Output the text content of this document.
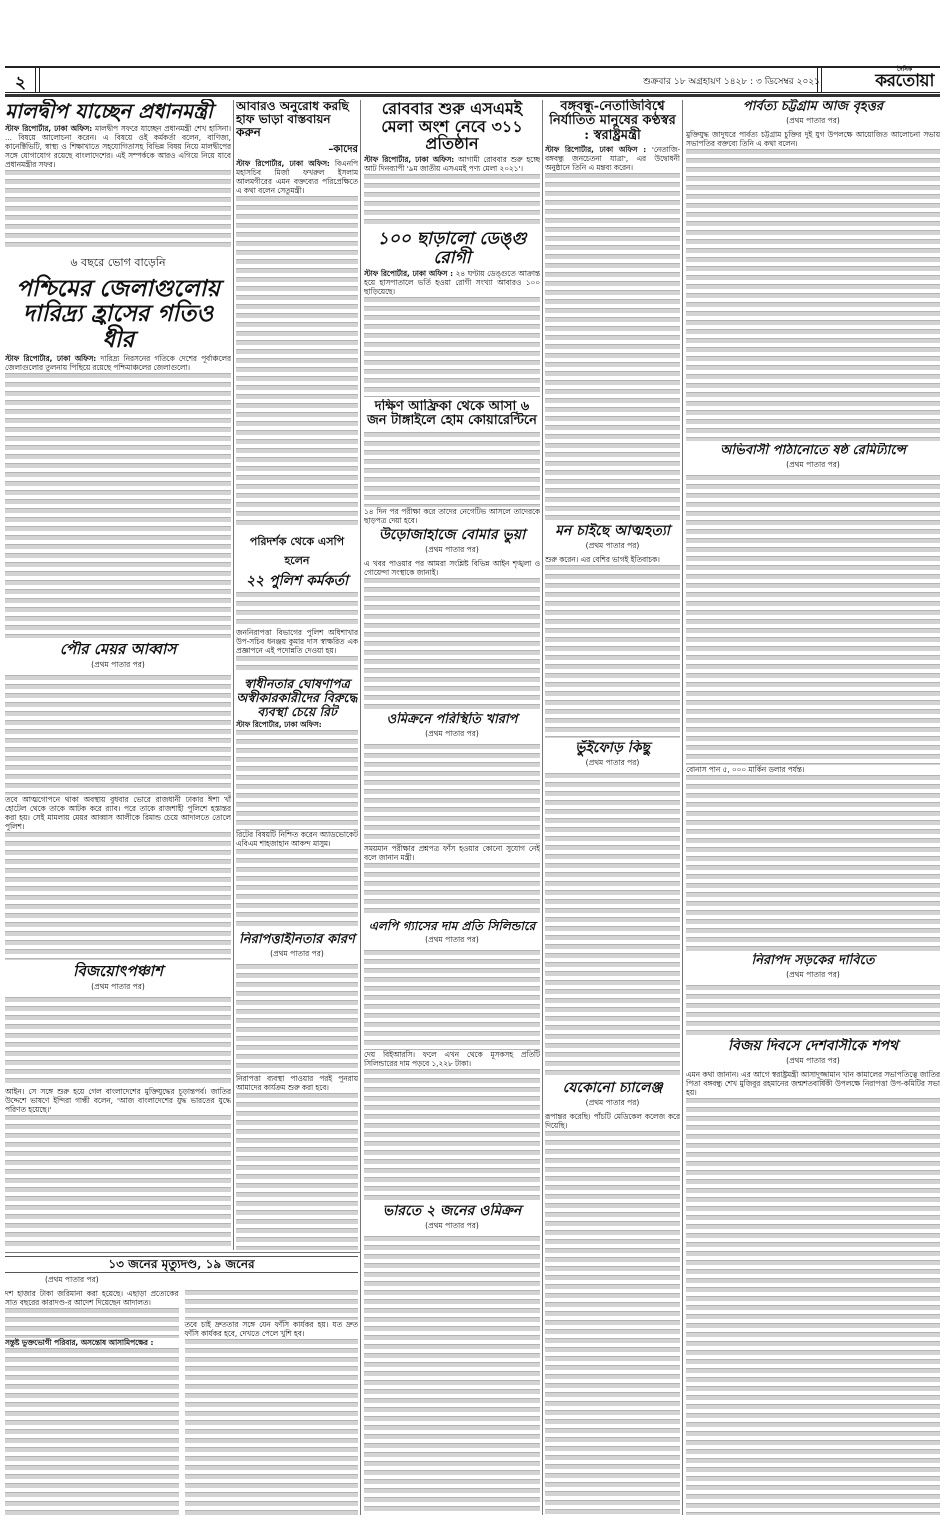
২	শুক্রবার ১৮ অগ্রহায়ণ ১৪২৮ : ৩ ডিসেম্বর ২০২১
দৈনিক
করতোয়া
মালদ্বীপ যাচ্ছেন প্রধানমন্ত্রী
স্টাফ রিপোর্টার, ঢাকা অফিস: মালদ্বীপ সফরে যাচ্ছেন প্রধানমন্ত্রী শেখ হাসিনা। ... বিষয়ে আলোচনা করেন। এ বিষয়ে ওই কর্মকর্তা বলেন, বাণিজ্য, কানেক্টিভিটি, স্বাস্থ্য ও শিক্ষাখাতে সহযোগিতাসহ বিভিন্ন বিষয় নিয়ে মালদ্বীপের সঙ্গে যোগাযোগ রয়েছে বাংলাদেশের। এই সম্পর্ককে আরও এগিয়ে নিয়ে যাবে প্রধানমন্ত্রীর সফর।
৬ বছরে ভোগ বাড়েনি
পশ্চিমের জেলাগুলোয় দারিদ্র্য হ্রাসের গতিও ধীর
স্টাফ রিপোর্টার, ঢাকা অফিস: দারিদ্র্য নিরসনের গতিকে দেশের পূর্বাঞ্চলের জেলাগুলোর তুলনায় পিছিয়ে রয়েছে পশ্চিমাঞ্চলের জেলাগুলো।
পৌর মেয়র আব্বাস
(প্রথম পাতার পর)
তবে আত্মগোপনে থাকা অবস্থায় বুধবার ভোরে রাজধানী ঢাকার ঈশা খাঁ হোটেল থেকে তাকে আটক করে র‍্যাব। পরে তাকে রাজশাহী পুলিশে হস্তান্তর করা হয়। সেই মামলায় মেয়র আব্বাস আলীকে রিমান্ড চেয়ে আদালতে তোলে পুলিশ।
বিজয়োৎপঞ্চাশ
(প্রথম পাতার পর)
আইন। সে সঙ্গে শুরু হয়ে গেল বাংলাদেশের মুক্তিযুদ্ধের চূড়ান্তপর্ব। জাতির উদ্দেশে ভাষণে ইন্দিরা গান্ধী বলেন, 'আজ বাংলাদেশের যুদ্ধ ভারতের যুদ্ধে পরিণত হয়েছে।'
আবারও অনুরোধ করছি হাফ ভাড়া বাস্তবায়ন করুন
–কাদের
স্টাফ রিপোর্টার, ঢাকা অফিস: বিএনপি মহাসচিব মির্জা ফখরুল ইসলাম আলমগীরের এমন বক্তব্যের পরিপ্রেক্ষিতে এ কথা বলেন সেতুমন্ত্রী।
পরিদর্শক থেকে এসপি হলেন
২২ পুলিশ কর্মকর্তা
জননিরাপত্তা বিভাগের পুলিশ অধিশাখার উপ-সচিব ধনঞ্জয় কুমার দাস স্বাক্ষরিত এক প্রজ্ঞাপনে এই পদোন্নতি দেওয়া হয়।
স্বাধীনতার ঘোষণাপত্র অস্বীকারকারীদের বিরুদ্ধে ব্যবস্থা চেয়ে রিট
স্টাফ রিপোর্টার, ঢাকা অফিস:
রিটের বিষয়টি নিশ্চিত করেন অ্যাডভোকেট এবিএম শাহজাহান আকন্দ মাসুম।
নিরাপত্তাহীনতার কারণ
(প্রথম পাতার পর)
নিরাপত্তা ব্যবস্থা পাওয়ার পরই পুনরায় আমাদের কার্যক্রম শুরু করা হবে।
১৩ জনের মৃত্যুদণ্ড, ১৯ জনের
(প্রথম পাতার পর)
দশ হাজার টাকা জরিমানা করা হয়েছে। এছাড়া প্রত্যেকের সাত বছরের কারাদণ্ড-র আদেশ দিয়েছেন আদালত।
সন্তুষ্ট ভুক্তভোগী পরিবার, অসন্তোষ আসামিপক্ষের :
তবে চাই দ্রুততার সঙ্গে যেন ফাঁসি কার্যকর হয়। যত দ্রুত ফাঁসি কার্যকর হবে, দেখতে পেলে খুশি হব।
রোববার শুরু এসএমই মেলা অংশ নেবে ৩১১ প্রতিষ্ঠান
স্টাফ রিপোর্টার, ঢাকা অফিস: আগামী রোববার শুরু হচ্ছে আট দিনব্যাপী '৯ম জাতীয় এসএমই পণ্য মেলা ২০২১'।
১০০ ছাড়ালো ডেঙ্গু রোগী
স্টাফ রিপোর্টার, ঢাকা অফিস : ২৪ ঘণ্টায় ডেঙ্গুতে আক্রান্ত হয়ে হাসপাতালে ভর্তি হওয়া রোগী সংখ্যা আবারও ১০০ ছাড়িয়েছে।
দক্ষিণ আফ্রিকা থেকে আসা ৬ জন টাঙ্গাইলে হোম কোয়ারেন্টিনে
১৪ দিন পর পরীক্ষা করে তাদের নেগেটিভ আসলে তাদেরকে ছাড়পত্র দেয়া হবে।
উড়োজাহাজে বোমার ভুয়া
(প্রথম পাতার পর)
এ খবর পাওয়ার পর আমরা সংশ্লিষ্ট বিভিন্ন আইন শৃঙ্খলা ও গোয়েন্দা সংস্থাকে জানাই।
ওমিক্রনে পরিস্থিতি খারাপ
(প্রথম পাতার পর)
সময়মান পরীক্ষার প্রশ্নপত্র ফাঁস হওয়ার কোনো সুযোগ নেই বলে জানান মন্ত্রী।
এলপি গ্যাসের দাম প্রতি সিলিন্ডারে
(প্রথম পাতার পর)
দেয় বিইআরসি। ফলে এখন থেকে মূসকসহ প্রতিটি সিলিন্ডারের দাম পড়বে ১,২২৮ টাকা।
ভারতে ২ জনের ওমিক্রন
(প্রথম পাতার পর)
বঙ্গবন্ধু-নেতাজিবিশ্বে নির্যাতিত মানুষের কণ্ঠস্বর : স্বরাষ্ট্রমন্ত্রী
স্টাফ রিপোর্টার, ঢাকা অফিস : 'নেতাজি-বঙ্গবন্ধু জনচেতনা যাত্রা', এর উদ্বোধনী অনুষ্ঠানে তিনি এ মন্তব্য করেন।
মন চাইছে আত্মহত্যা
(প্রথম পাতার পর)
শুরু করেন। এর বেশির ভাগই ইতিবাচক।
ভুঁইফোড় কিছু
(প্রথম পাতার পর)
যেকোনো চ্যালেঞ্জ
(প্রথম পাতার পর)
রূপান্তর করেছি। পাঁচটি মেডিকেল কলেজ করে দিয়েছি।
পার্বত্য চট্টগ্রাম আজ বৃহত্তর
(প্রথম পাতার পর)
মুক্তিযুদ্ধ জাদুঘরে পার্বত্য চট্টগ্রাম চুক্তির দুই যুগ উপলক্ষে আয়োজিত আলোচনা সভায় সভাপতির বক্তব্যে তিনি এ কথা বলেন।
অভিবাসী পাঠানোতে ষষ্ঠ রেমিট্যান্সে
(প্রথম পাতার পর)
বোনাস পান ৫, ০০০ মার্কিন ডলার পর্যন্ত।
নিরাপদ সড়কের দাবিতে
(প্রথম পাতার পর)
বিজয় দিবসে দেশবাসীকে শপথ
(প্রথম পাতার পর)
এমন কথা জানান। এর আগে স্বরাষ্ট্রমন্ত্রী আসাদুজ্জামান খান কামালের সভাপতিত্বে জাতির পিতা বঙ্গবন্ধু শেখ মুজিবুর রহমানের জন্মশতবার্ষিকী উপলক্ষে নিরাপত্তা উপ-কমিটির সভা হয়।
